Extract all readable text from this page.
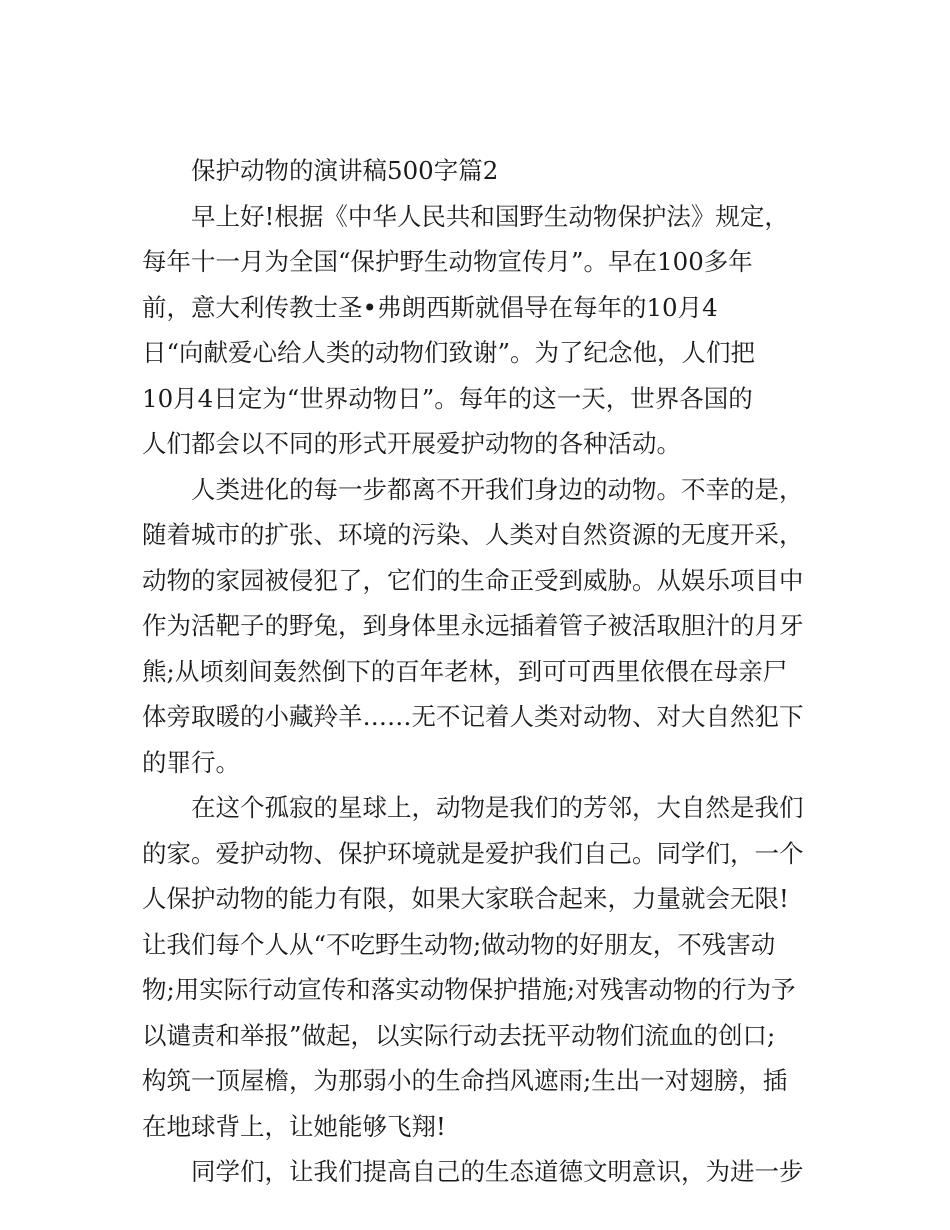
保护动物的演讲稿500字篇2
早上好!根据《中华人民共和国野生动物保护法》规定，
每年十一月为全国“保护野生动物宣传月”。早在100多年
前，意大利传教士圣•弗朗西斯就倡导在每年的10月4
日“向献爱心给人类的动物们致谢”。为了纪念他，人们把
10月4日定为“世界动物日”。每年的这一天，世界各国的
人们都会以不同的形式开展爱护动物的各种活动。
人类进化的每一步都离不开我们身边的动物。不幸的是，
随着城市的扩张、环境的污染、人类对自然资源的无度开采，
动物的家园被侵犯了，它们的生命正受到威胁。从娱乐项目中
作为活靶子的野兔，到身体里永远插着管子被活取胆汁的月牙
熊;从顷刻间轰然倒下的百年老林，到可可西里依偎在母亲尸
体旁取暖的小藏羚羊……无不记着人类对动物、对大自然犯下
的罪行。
在这个孤寂的星球上，动物是我们的芳邻，大自然是我们
的家。爱护动物、保护环境就是爱护我们自己。同学们，一个
人保护动物的能力有限，如果大家联合起来，力量就会无限!
让我们每个人从“不吃野生动物;做动物的好朋友，不残害动
物;用实际行动宣传和落实动物保护措施;对残害动物的行为予
以谴责和举报”做起，以实际行动去抚平动物们流血的创口;
构筑一顶屋檐，为那弱小的生命挡风遮雨;生出一对翅膀，插
在地球背上，让她能够飞翔!
同学们，让我们提高自己的生态道德文明意识，为进一步
